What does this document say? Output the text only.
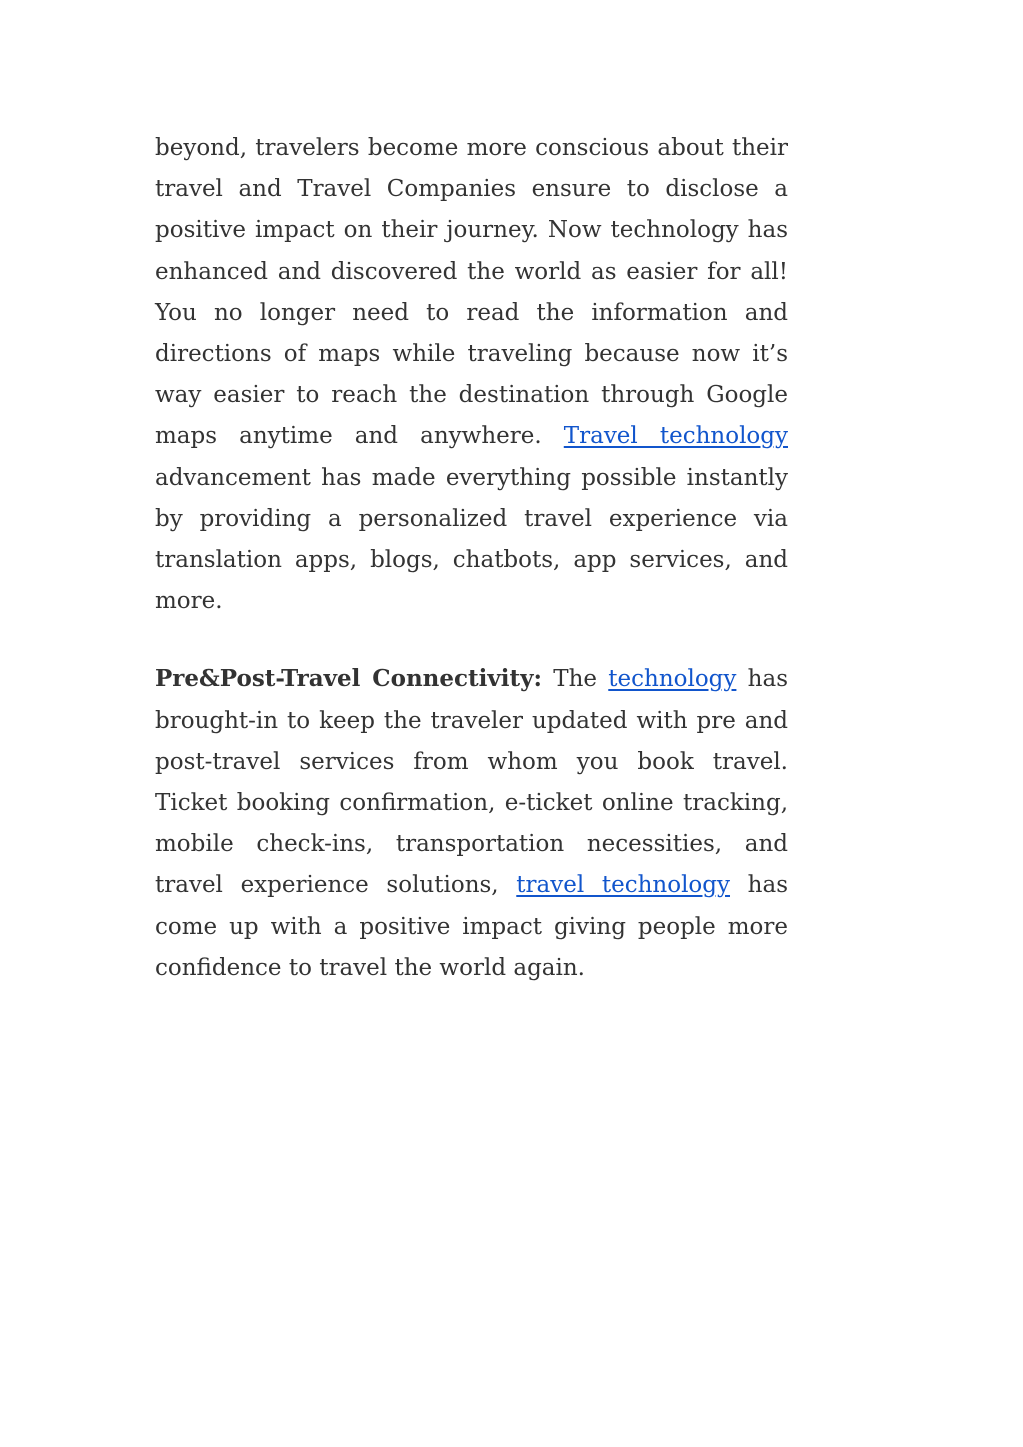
beyond, travelers become more conscious about their travel and Travel Companies ensure to disclose a positive impact on their journey. Now technology has enhanced and discovered the world as easier for all! You no longer need to read the information and directions of maps while traveling because now it’s way easier to reach the destination through Google maps anytime and anywhere. Travel technology advancement has made everything possible instantly by providing a personalized travel experience via translation apps, blogs, chatbots, app services, and more.

Pre&Post-Travel Connectivity: The technology has brought-in to keep the traveler updated with pre and post-travel services from whom you book travel. Ticket booking confirmation, e-ticket online tracking, mobile check-ins, transportation necessities, and travel experience solutions, travel technology has come up with a positive impact giving people more confidence to travel the world again.
